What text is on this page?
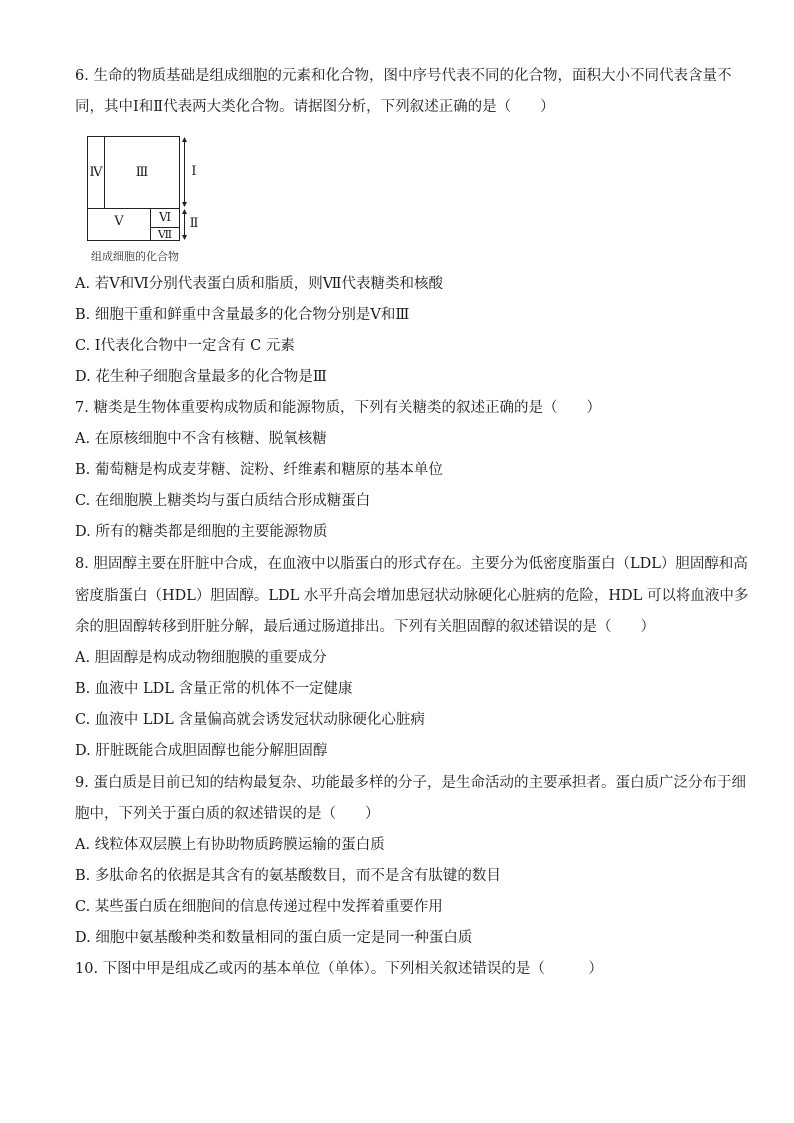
6. 生命的物质基础是组成细胞的元素和化合物，图中序号代表不同的化合物，面积大小不同代表含量不
同，其中Ⅰ和Ⅱ代表两大类化合物。请据图分析，下列叙述正确的是（　　）
Ⅳ	Ⅲ
Ⅴ	Ⅵ
Ⅶ
Ⅰ
Ⅱ
组成细胞的化合物
A. 若Ⅴ和Ⅵ分别代表蛋白质和脂质，则Ⅶ代表糖类和核酸
B. 细胞干重和鲜重中含量最多的化合物分别是Ⅴ和Ⅲ
C. Ⅰ代表化合物中一定含有 C 元素
D. 花生种子细胞含量最多的化合物是Ⅲ
7. 糖类是生物体重要构成物质和能源物质，下列有关糖类的叙述正确的是（　　）
A. 在原核细胞中不含有核糖、脱氧核糖
B. 葡萄糖是构成麦芽糖、淀粉、纤维素和糖原的基本单位
C. 在细胞膜上糖类均与蛋白质结合形成糖蛋白
D. 所有的糖类都是细胞的主要能源物质
8. 胆固醇主要在肝脏中合成，在血液中以脂蛋白的形式存在。主要分为低密度脂蛋白（LDL）胆固醇和高
密度脂蛋白（HDL）胆固醇。LDL 水平升高会增加患冠状动脉硬化心脏病的危险，HDL 可以将血液中多
余的胆固醇转移到肝脏分解，最后通过肠道排出。下列有关胆固醇的叙述错误的是（　　）
A. 胆固醇是构成动物细胞膜的重要成分
B. 血液中 LDL 含量正常的机体不一定健康
C. 血液中 LDL 含量偏高就会诱发冠状动脉硬化心脏病
D. 肝脏既能合成胆固醇也能分解胆固醇
9. 蛋白质是目前已知的结构最复杂、功能最多样的分子，是生命活动的主要承担者。蛋白质广泛分布于细
胞中，下列关于蛋白质的叙述错误的是（　　）
A. 线粒体双层膜上有协助物质跨膜运输的蛋白质
B. 多肽命名的依据是其含有的氨基酸数目，而不是含有肽键的数目
C. 某些蛋白质在细胞间的信息传递过程中发挥着重要作用
D. 细胞中氨基酸种类和数量相同的蛋白质一定是同一种蛋白质
10. 下图中甲是组成乙或丙的基本单位（单体）。下列相关叙述错误的是（　　　）
